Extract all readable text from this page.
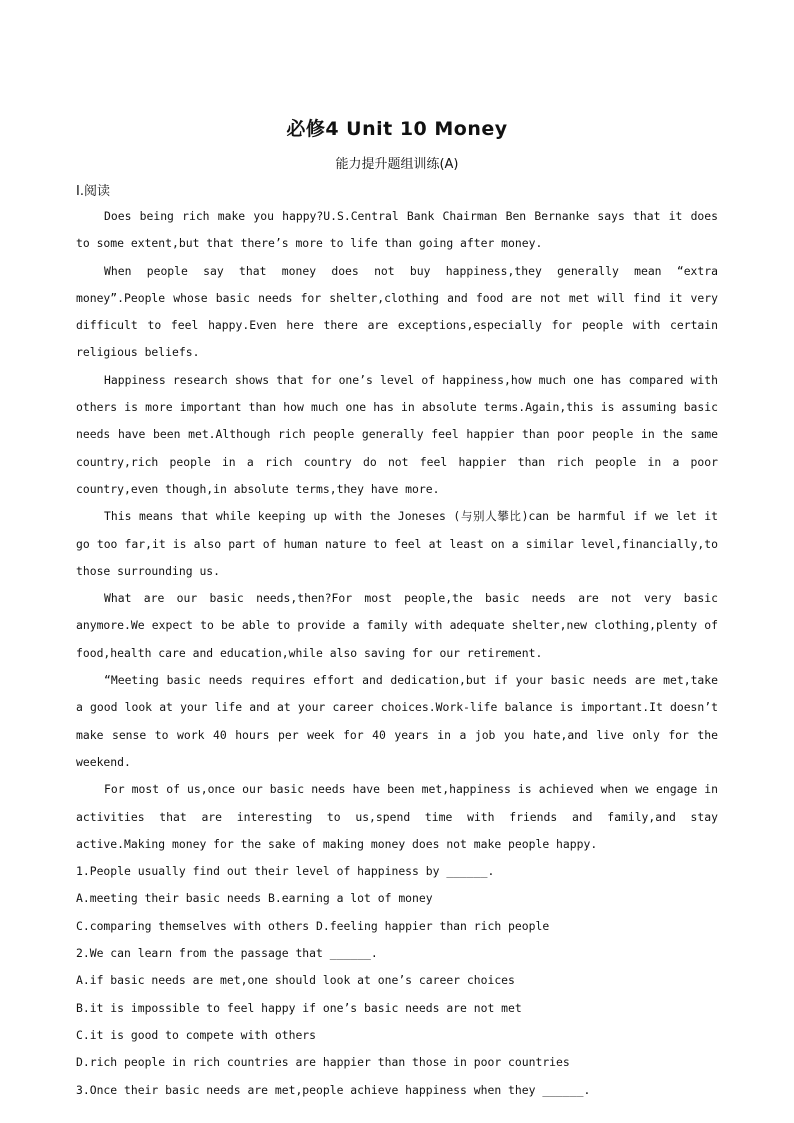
必修4 Unit 10 Money
能力提升题组训练(A)
Ⅰ.阅读

Does being rich make you happy?U.S.Central Bank Chairman Ben Bernanke says that it does to some extent,but that there’s more to life than going after money.

When people say that money does not buy happiness,they generally mean “extra money”.People whose basic needs for shelter,clothing and food are not met will find it very difficult to feel happy.Even here there are exceptions,especially for people with certain religious beliefs.

Happiness research shows that for one’s level of happiness,how much one has compared with others is more important than how much one has in absolute terms.Again,this is assuming basic needs have been met.Although rich people generally feel happier than poor people in the same country,rich people in a rich country do not feel happier than rich people in a poor country,even though,in absolute terms,they have more.

This means that while keeping up with the Joneses (与别人攀比)can be harmful if we let it go too far,it is also part of human nature to feel at least on a similar level,financially,to those surrounding us.

What are our basic needs,then?For most people,the basic needs are not very basic anymore.We expect to be able to provide a family with adequate shelter,new clothing,plenty of food,health care and education,while also saving for our retirement.

“Meeting basic needs requires effort and dedication,but if your basic needs are met,take a good look at your life and at your career choices.Work-life balance is important.It doesn’t make sense to work 40 hours per week for 40 years in a job you hate,and live only for the weekend.

For most of us,once our basic needs have been met,happiness is achieved when we engage in activities that are interesting to us,spend time with friends and family,and stay active.Making money for the sake of making money does not make people happy.

1.People usually find out their level of happiness by ______.

A.meeting their basic needs B.earning a lot of money

C.comparing themselves with others D.feeling happier than rich people

2.We can learn from the passage that ______.

A.if basic needs are met,one should look at one’s career choices

B.it is impossible to feel happy if one’s basic needs are not met

C.it is good to compete with others

D.rich people in rich countries are happier than those in poor countries

3.Once their basic needs are met,people achieve happiness when they ______.
